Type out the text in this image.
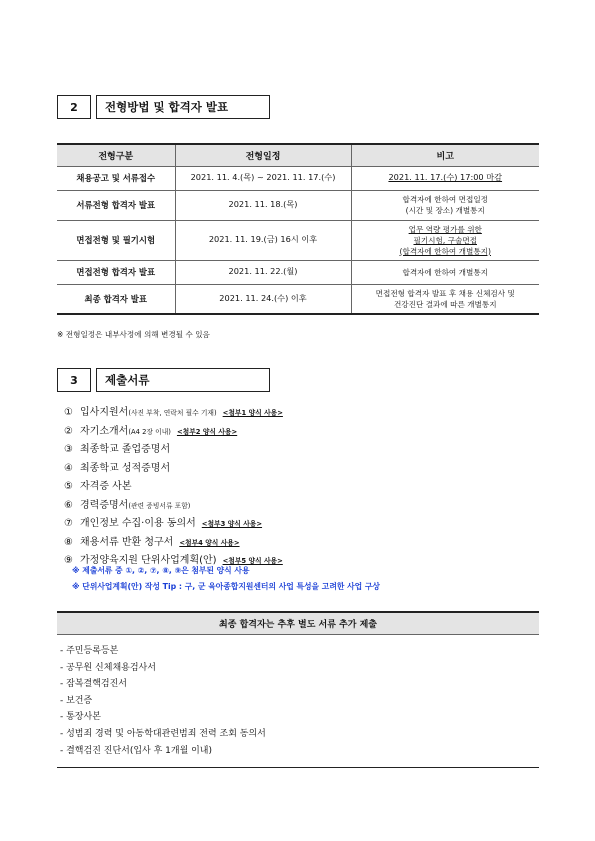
2	전형방법 및 합격자 발표
전형구분	전형일정	비고
채용공고 및 서류접수	2021. 11. 4.(목) ~ 2021. 11. 17.(수)	2021. 11. 17.(수) 17:00 마감
서류전형 합격자 발표	2021. 11. 18.(목)	합격자에 한하여 면접일정
(시간 및 장소) 개별통지

면접전형 및 필기시험	2021. 11. 19.(금) 16시 이후	업무 역량 평가를 위한
필기시험, 구술면접
(합격자에 한하여 개별통지)

면접전형 합격자 발표	2021. 11. 22.(월)	합격자에 한하여 개별통지

최종 합격자 발표	2021. 11. 24.(수) 이후	면접전형 합격자 발표 후 채용 신체검사 및
건강진단 결과에 따른 개별통지
※ 전형일정은 내부사정에 의해 변경될 수 있음
3	제출서류
① 입사지원서 (사진 부착, 연락처 필수 기재) <첨부1 양식 사용>
② 자기소개서 (A4 2장 이내) <첨부2 양식 사용>
③ 최종학교 졸업증명서
④ 최종학교 성적증명서
⑤ 자격증 사본
⑥ 경력증명서 (관련 증빙서류 포함)
⑦ 개인정보 수집·이용 동의서 <첨부3 양식 사용>
⑧ 채용서류 반환 청구서 <첨부4 양식 사용>
⑨ 가정양육지원 단위사업계획(안) <첨부5 양식 사용>
※ 제출서류 중 ①, ②, ⑦, ⑧, ⑨은 첨부된 양식 사용
※ 단위사업계획(안) 작성 Tip : 구, 군 육아종합지원센터의 사업 특성을 고려한 사업 구상
최종 합격자는 추후 별도 서류 추가 제출
- 주민등록등본
- 공무원 신체채용검사서
- 잠복결핵검진서
- 보건증
- 통장사본
- 성범죄 경력 및 아동학대관련범죄 전력 조회 동의서
- 결핵검진 진단서(입사 후 1개월 이내)
